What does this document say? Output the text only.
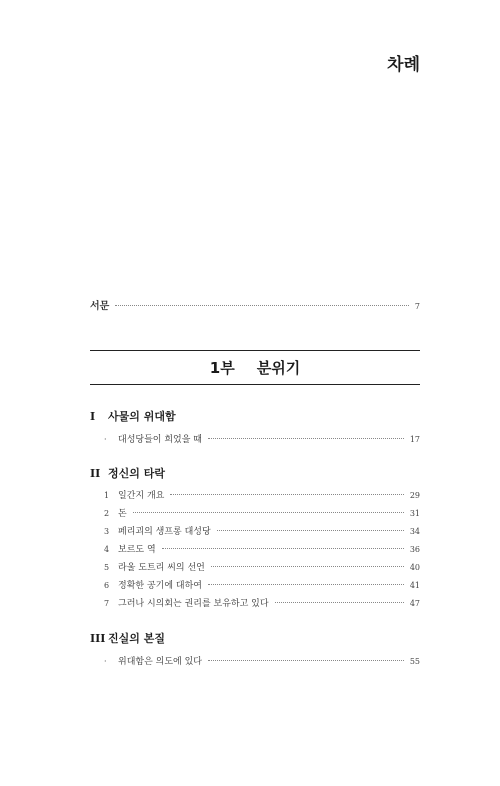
차례
서문	7
1부 분위기
I	사물의 위대함
·	대성당들이 희었을 때	17
II 정신의 타락
1 일간지 개요	29
2 돈	31
3 페리괴의 생프롱 대성당	34
4 보르도 역	36
5 라울 도트리 씨의 선언	40
6 정확한 공기에 대하여	41
7 그러나 시의회는 권리를 보유하고 있다	47
III 진실의 본질
·	위대함은 의도에 있다	55
